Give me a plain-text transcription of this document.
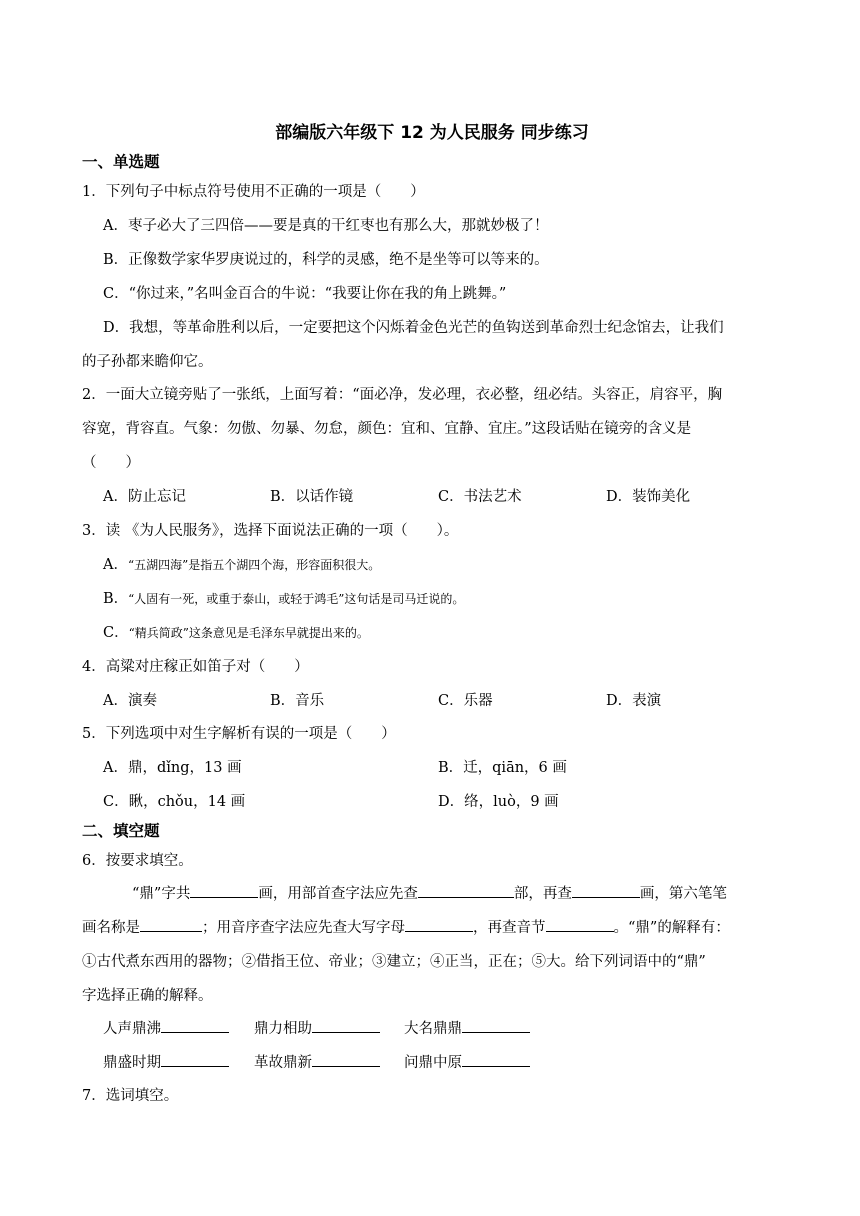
部编版六年级下 12 为人民服务 同步练习
一、单选题
1．下列句子中标点符号使用不正确的一项是（　　）
A．枣子必大了三四倍——要是真的干红枣也有那么大，那就妙极了！
B．正像数学家华罗庚说过的，科学的灵感，绝不是坐等可以等来的。
C．“你过来，”名叫金百合的牛说：“我要让你在我的角上跳舞。”
D．我想，等革命胜利以后，一定要把这个闪烁着金色光芒的鱼钩送到革命烈士纪念馆去，让我们
的子孙都来瞻仰它。
2．一面大立镜旁贴了一张纸，上面写着：“面必净，发必理，衣必整，纽必结。头容正，肩容平，胸
容宽，背容直。气象：勿傲、勿暴、勿怠，颜色：宜和、宜静、宜庄。”这段话贴在镜旁的含义是
（　　）
A．防止忘记	B．以话作镜	C．书法艺术	D．装饰美化
3．读 《为人民服务》，选择下面说法正确的一项（　　）。
A．“五湖四海”是指五个湖四个海，形容面积很大。
B．“人固有一死，或重于泰山，或轻于鸿毛”这句话是司马迁说的。
C．“精兵简政”这条意见是毛泽东早就提出来的。
4．高粱对庄稼正如笛子对（　　）
A．演奏	B．音乐	C．乐器	D．表演
5．下列选项中对生字解析有误的一项是（　　）
A．鼎，dǐng，13 画	B．迁，qiān，6 画
C．瞅，chǒu，14 画	D．络，luò，9 画
二、填空题
6．按要求填空。
“鼎”字共	画，用部首查字法应先查	部，再查	画，第六笔笔
画名称是	；用音序查字法应先查大写字母	，再查音节	。“鼎”的解释有：
①古代煮东西用的器物；②借指王位、帝业；③建立；④正当，正在；⑤大。给下列词语中的“鼎”
字选择正确的解释。
人声鼎沸	鼎力相助	大名鼎鼎
鼎盛时期	革故鼎新	问鼎中原
7．选词填空。
